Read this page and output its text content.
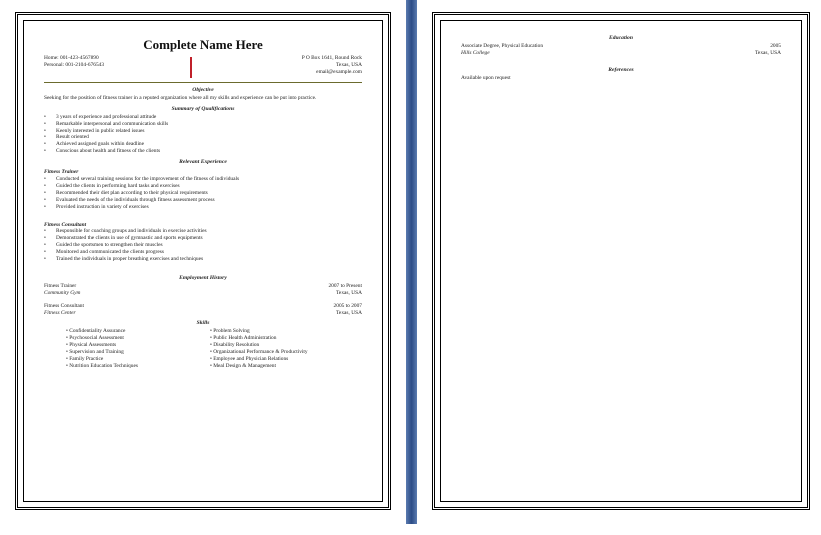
Complete Name Here
Home: 001-423-4567890
Personal: 001-2104-676543
P O Box 1641, Round Rock
Texas, USA
email@example.com
Objective
Seeking for the position of fitness trainer in a reputed organization where all my skills and experience can be put into practice.
Summary of Qualifications
• 3 years of experience and professional attitude
• Remarkable interpersonal and communication skills
• Keenly interested in public related issues
• Result oriented
• Achieved assigned goals within deadline
• Conscious about health and fitness of the clients
Relevant Experience
Fitness Trainer
• Conducted several training sessions for the improvement of the fitness of individuals
• Guided the clients in performing hard tasks and exercises
• Recommended their diet plan according to their physical requirements
• Evaluated the needs of the individuals through fitness assessment process
• Provided instruction in variety of exercises
Fitness Consultant
• Responsible for coaching groups and individuals in exercise activities
• Demonstrated the clients in use of gymnastic and sports equipments
• Guided the sportsmen to strengthen their muscles
• Monitored and communicated the clients progress
• Trained the individuals in proper breathing exercises and techniques
Employment History
Fitness Trainer	2007 to Present
Community Gym	Texas, USA
Fitness Consultant	2005 to 2007
Fitness Center	Texas, USA
Skills
• Confidentiality Assurance
• Psychosocial Assessment
• Physical Assessments
• Supervision and Training
• Family Practice
• Nutrition Education Techniques
• Problem Solving
• Public Health Administration
• Disability Resolution
• Organizational Performance & Productivity
• Employee and Physician Relations
• Meal Design & Management
Education
Associate Degree, Physical Education	2005
Hills College	Texas, USA
References
Available upon request
